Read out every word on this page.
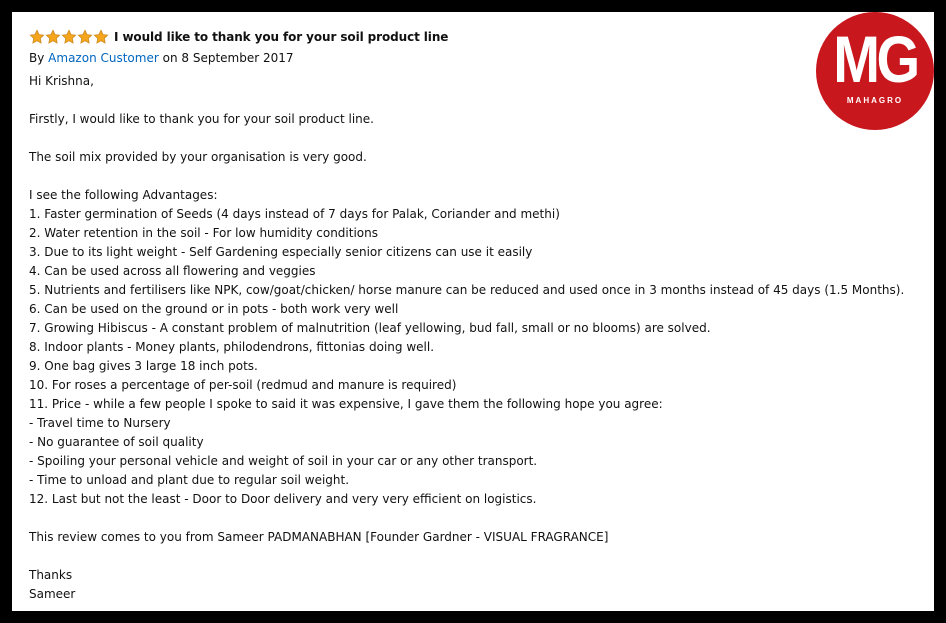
I would like to thank you for your soil product line
By Amazon Customer on 8 September 2017
Hi Krishna,
Firstly, I would like to thank you for your soil product line.
The soil mix provided by your organisation is very good.
I see the following Advantages:
1. Faster germination of Seeds (4 days instead of 7 days for Palak, Coriander and methi)
2. Water retention in the soil - For low humidity conditions
3. Due to its light weight - Self Gardening especially senior citizens can use it easily
4. Can be used across all flowering and veggies
5. Nutrients and fertilisers like NPK, cow/goat/chicken/ horse manure can be reduced and used once in 3 months instead of 45 days (1.5 Months).
6. Can be used on the ground or in pots - both work very well
7. Growing Hibiscus - A constant problem of malnutrition (leaf yellowing, bud fall, small or no blooms) are solved.
8. Indoor plants - Money plants, philodendrons, fittonias doing well.
9. One bag gives 3 large 18 inch pots.
10. For roses a percentage of per-soil (redmud and manure is required)
11. Price - while a few people I spoke to said it was expensive, I gave them the following hope you agree:
- Travel time to Nursery
- No guarantee of soil quality
- Spoiling your personal vehicle and weight of soil in your car or any other transport.
- Time to unload and plant due to regular soil weight.
12. Last but not the least - Door to Door delivery and very very efficient on logistics.
This review comes to you from Sameer PADMANABHAN [Founder Gardner - VISUAL FRAGRANCE]
Thanks
Sameer
MG
MAHAGRO
